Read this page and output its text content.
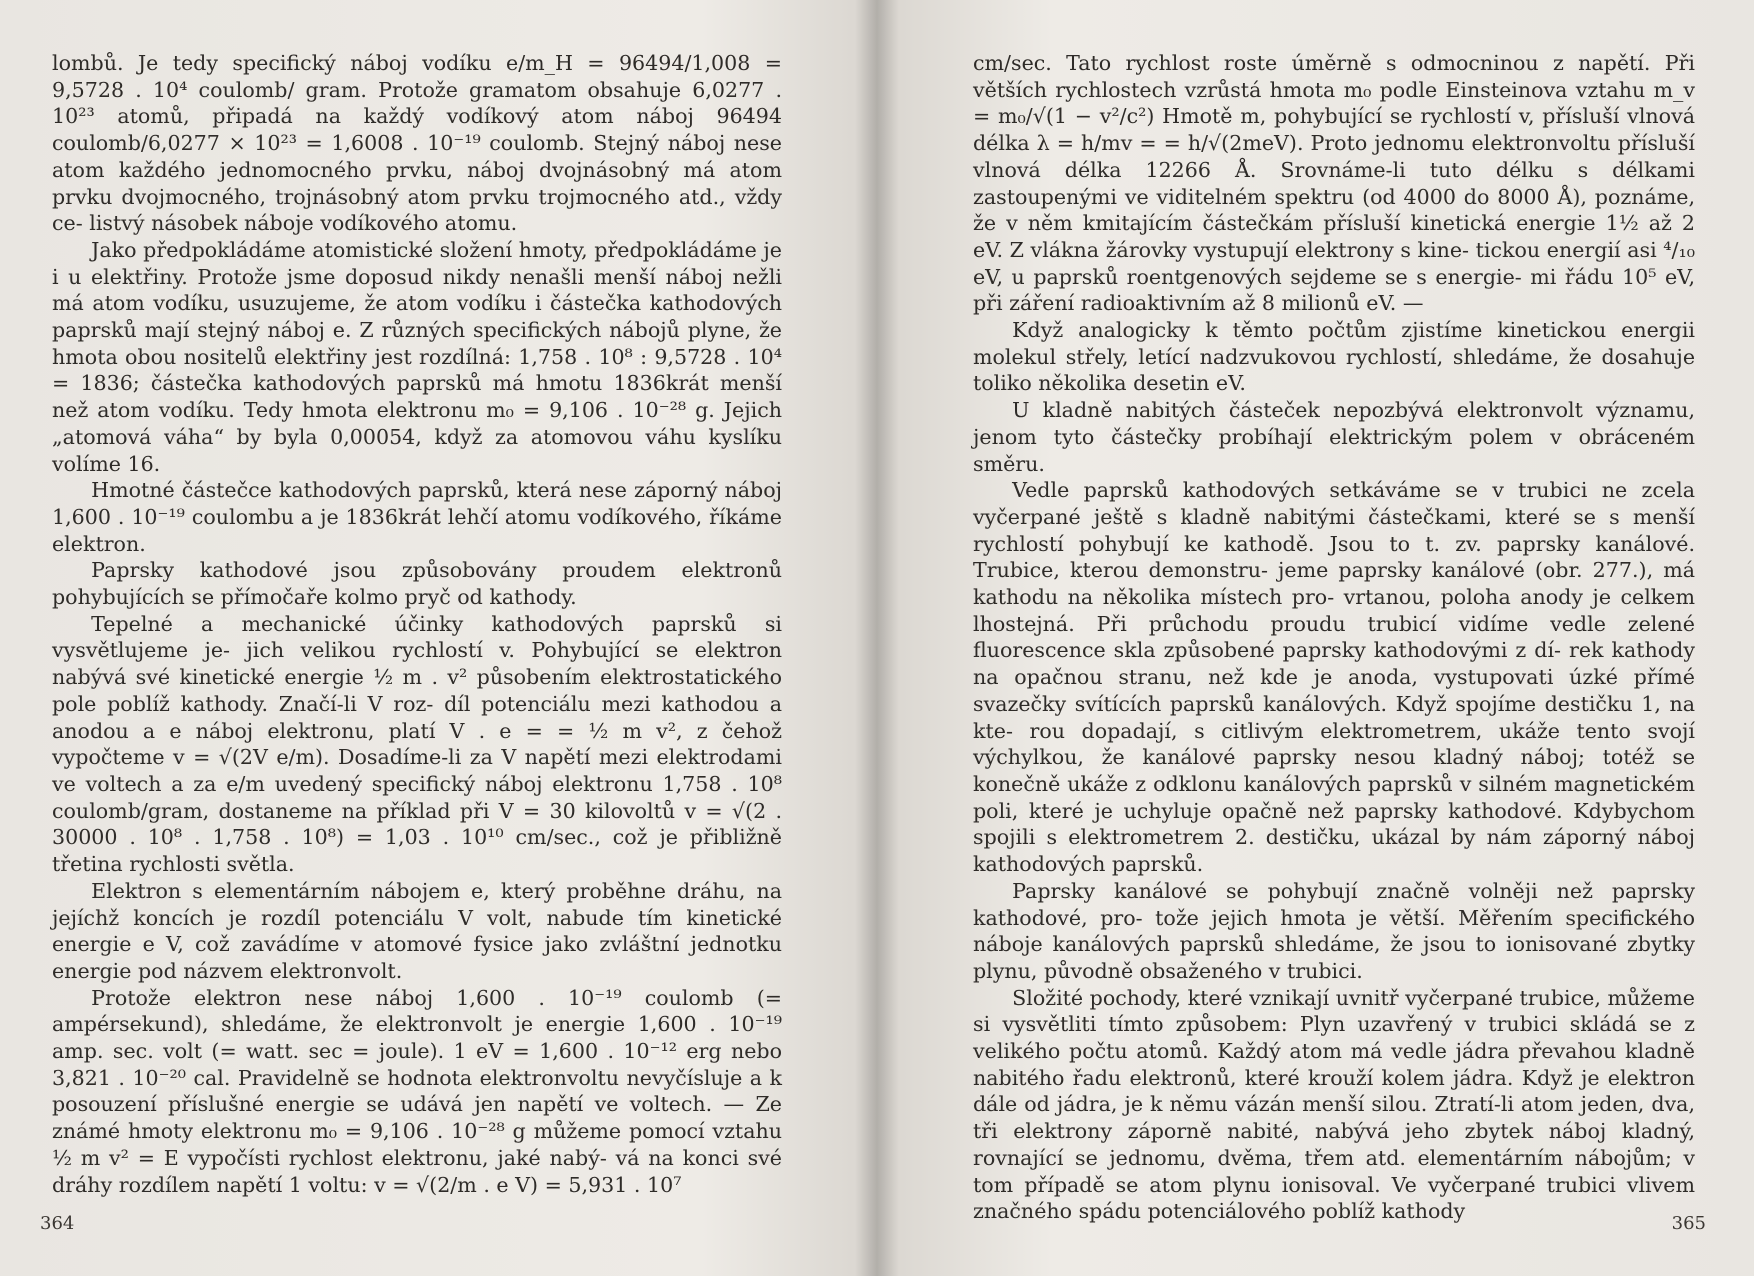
lombů. Je tedy specifický náboj vodíku e/m_H = 96494/1,008 = 9,5728 . 10⁴ coulomb/ gram. Protože gramatom obsahuje 6,0277 . 10²³ atomů, připadá na každý vodíkový atom náboj 96494 coulomb/6,0277 × 10²³ = 1,6008 . 10⁻¹⁹ coulomb. Stejný náboj nese atom každého jednomocného prvku, náboj dvojnásobný má atom prvku dvojmocného, trojnásobný atom prvku trojmocného atd., vždy ce- listvý násobek náboje vodíkového atomu.

Jako předpokládáme atomistické složení hmoty, předpokládáme je i u elektřiny. Protože jsme doposud nikdy nenašli menší náboj nežli má atom vodíku, usuzujeme, že atom vodíku i částečka kathodových paprsků mají stejný náboj e. Z různých specifických nábojů plyne, že hmota obou nositelů elektřiny jest rozdílná: 1,758 . 10⁸ : 9,5728 . 10⁴ = 1836; částečka kathodových paprsků má hmotu 1836krát menší než atom vodíku. Tedy hmota elektronu m₀ = 9,106 . 10⁻²⁸ g. Jejich „atomová váha“ by byla 0,00054, když za atomovou váhu kyslíku volíme 16.

Hmotné částečce kathodových paprsků, která nese záporný náboj 1,600 . 10⁻¹⁹ coulombu a je 1836krát lehčí atomu vodíkového, říkáme elektron.

Paprsky kathodové jsou způsobovány proudem elektronů pohybujících se přímočaře kolmo pryč od kathody.

Tepelné a mechanické účinky kathodových paprsků si vysvětlujeme je- jich velikou rychlostí v. Pohybující se elektron nabývá své kinetické energie ½ m . v² působením elektrostatického pole poblíž kathody. Značí-li V roz- díl potenciálu mezi kathodou a anodou a e náboj elektronu, platí V . e = = ½ m v², z čehož vypočteme v = √(2V e/m). Dosadíme-li za V napětí mezi elektrodami ve voltech a za e/m uvedený specifický náboj elektronu 1,758 . 10⁸ coulomb/gram, dostaneme na příklad při V = 30 kilovoltů v = √(2 . 30000 . 10⁸ . 1,758 . 10⁸) = 1,03 . 10¹⁰ cm/sec., což je přibližně třetina rychlosti světla.

Elektron s elementárním nábojem e, který proběhne dráhu, na jejíchž koncích je rozdíl potenciálu V volt, nabude tím kinetické energie e V, což zavádíme v atomové fysice jako zvláštní jednotku energie pod názvem elektronvolt.

Protože elektron nese náboj 1,600 . 10⁻¹⁹ coulomb (= ampérsekund), shledáme, že elektronvolt je energie 1,600 . 10⁻¹⁹ amp. sec. volt (= watt. sec = joule). 1 eV = 1,600 . 10⁻¹² erg nebo 3,821 . 10⁻²⁰ cal. Pravidelně se hodnota elektronvoltu nevyčísluje a k posouzení příslušné energie se udává jen napětí ve voltech. — Ze známé hmoty elektronu m₀ = 9,106 . 10⁻²⁸ g můžeme pomocí vztahu ½ m v² = E vypočísti rychlost elektronu, jaké nabý- vá na konci své dráhy rozdílem napětí 1 voltu: v = √(2/m . e V) = 5,931 . 10⁷

364

cm/sec. Tato rychlost roste úměrně s odmocninou z napětí. Při větších rychlostech vzrůstá hmota m₀ podle Einsteinova vztahu m_v = m₀/√(1 − v²/c²) Hmotě m, pohybující se rychlostí v, přísluší vlnová délka λ = h/mv = = h/√(2meV). Proto jednomu elektronvoltu přísluší vlnová délka 12266 Å. Srovnáme-li tuto délku s délkami zastoupenými ve viditelném spektru (od 4000 do 8000 Å), poznáme, že v něm kmitajícím částečkám přísluší kinetická energie 1½ až 2 eV. Z vlákna žárovky vystupují elektrony s kine- tickou energií asi ⁴/₁₀ eV, u paprsků roentgenových sejdeme se s energie- mi řádu 10⁵ eV, při záření radioaktivním až 8 milionů eV. —

Když analogicky k těmto počtům zjistíme kinetickou energii molekul střely, letící nadzvukovou rychlostí, shledáme, že dosahuje toliko několika desetin eV.

U kladně nabitých částeček nepozbývá elektronvolt významu, jenom tyto částečky probíhají elektrickým polem v obráceném směru.

Vedle paprsků kathodových setkáváme se v trubici ne zcela vyčerpané ještě s kladně nabitými částečkami, které se s menší rychlostí pohybují ke kathodě. Jsou to t. zv. paprsky kanálové. Trubice, kterou demonstru- jeme paprsky kanálové (obr. 277.), má kathodu na několika místech pro- vrtanou, poloha anody je celkem lhostejná. Při průchodu proudu trubicí vidíme vedle zelené fluorescence skla způsobené paprsky kathodovými z dí- rek kathody na opačnou stranu, než kde je anoda, vystupovati úzké přímé svazečky svítících paprsků kanálových. Když spojíme destičku 1, na kte- rou dopadají, s citlivým elektrometrem, ukáže tento svojí výchylkou, že kanálové paprsky nesou kladný náboj; totéž se konečně ukáže z odklonu kanálových paprsků v silném magnetickém poli, které je uchyluje opačně než paprsky kathodové. Kdybychom spojili s elektrometrem 2. destičku, ukázal by nám záporný náboj kathodových paprsků.

Paprsky kanálové se pohybují značně volněji než paprsky kathodové, pro- tože jejich hmota je větší. Měřením specifického náboje kanálových paprsků shledáme, že jsou to ionisované zbytky plynu, původně obsaženého v trubici.

Složité pochody, které vznikají uvnitř vyčerpané trubice, můžeme si vysvětliti tímto způsobem: Plyn uzavřený v trubici skládá se z velikého počtu atomů. Každý atom má vedle jádra převahou kladně nabitého řadu elektronů, které krouží kolem jádra. Když je elektron dále od jádra, je k němu vázán menší silou. Ztratí-li atom jeden, dva, tři elektrony záporně nabité, nabývá jeho zbytek náboj kladný, rovnající se jednomu, dvěma, třem atd. elementárním nábojům; v tom případě se atom plynu ionisoval. Ve vyčerpané trubici vlivem značného spádu potenciálového poblíž kathody

365
